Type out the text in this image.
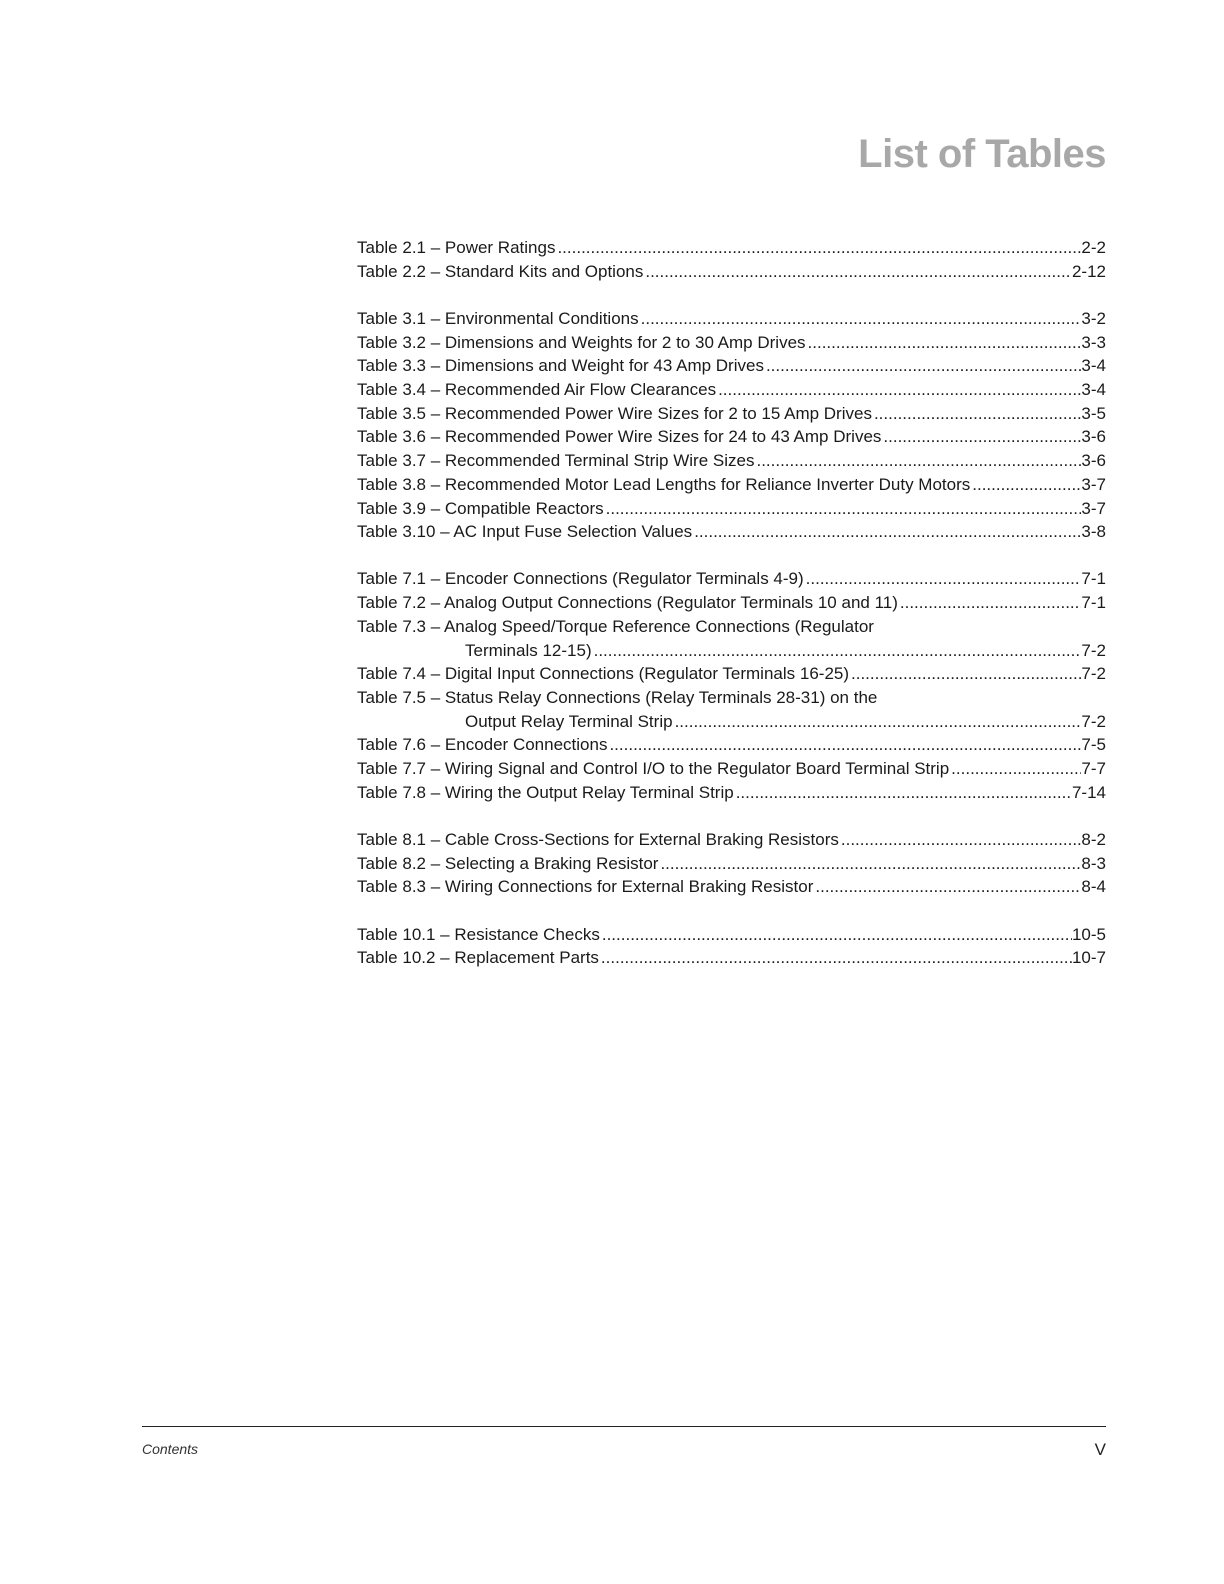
List of Tables
Table 2.1 – Power Ratings .....	2-2
Table 2.2 – Standard Kits and Options .....	2-12
Table 3.1 – Environmental Conditions .....	3-2
Table 3.2 – Dimensions and Weights for 2 to 30 Amp Drives .....	3-3
Table 3.3 – Dimensions and Weight for 43 Amp Drives .....	3-4
Table 3.4 – Recommended Air Flow Clearances .....	3-4
Table 3.5 – Recommended Power Wire Sizes for 2 to 15 Amp Drives .....	3-5
Table 3.6 – Recommended Power Wire Sizes for 24 to 43 Amp Drives .....	3-6
Table 3.7 – Recommended Terminal Strip Wire Sizes .....	3-6
Table 3.8 – Recommended Motor Lead Lengths for Reliance Inverter Duty Motors .....	3-7
Table 3.9 – Compatible Reactors .....	3-7
Table 3.10 – AC Input Fuse Selection Values .....	3-8
Table 7.1 – Encoder Connections (Regulator Terminals 4-9) .....	7-1
Table 7.2 – Analog Output Connections (Regulator Terminals 10 and 11) .....	7-1
Table 7.3 – Analog Speed/Torque Reference Connections (Regulator
Terminals 12-15) .....	7-2
Table 7.4 – Digital Input Connections (Regulator Terminals 16-25) .....	7-2
Table 7.5 – Status Relay Connections (Relay Terminals 28-31) on the
Output Relay Terminal Strip .....	7-2
Table 7.6 – Encoder Connections .....	7-5
Table 7.7 – Wiring Signal and Control I/O to the Regulator Board Terminal Strip .....	7-7
Table 7.8 – Wiring the Output Relay Terminal Strip .....	7-14
Table 8.1 – Cable Cross-Sections for External Braking Resistors .....	8-2
Table 8.2 – Selecting a Braking Resistor .....	8-3
Table 8.3 – Wiring Connections for External Braking Resistor .....	8-4
Table 10.1 – Resistance Checks .....	10-5
Table 10.2 – Replacement Parts .....	10-7
Contents	V
